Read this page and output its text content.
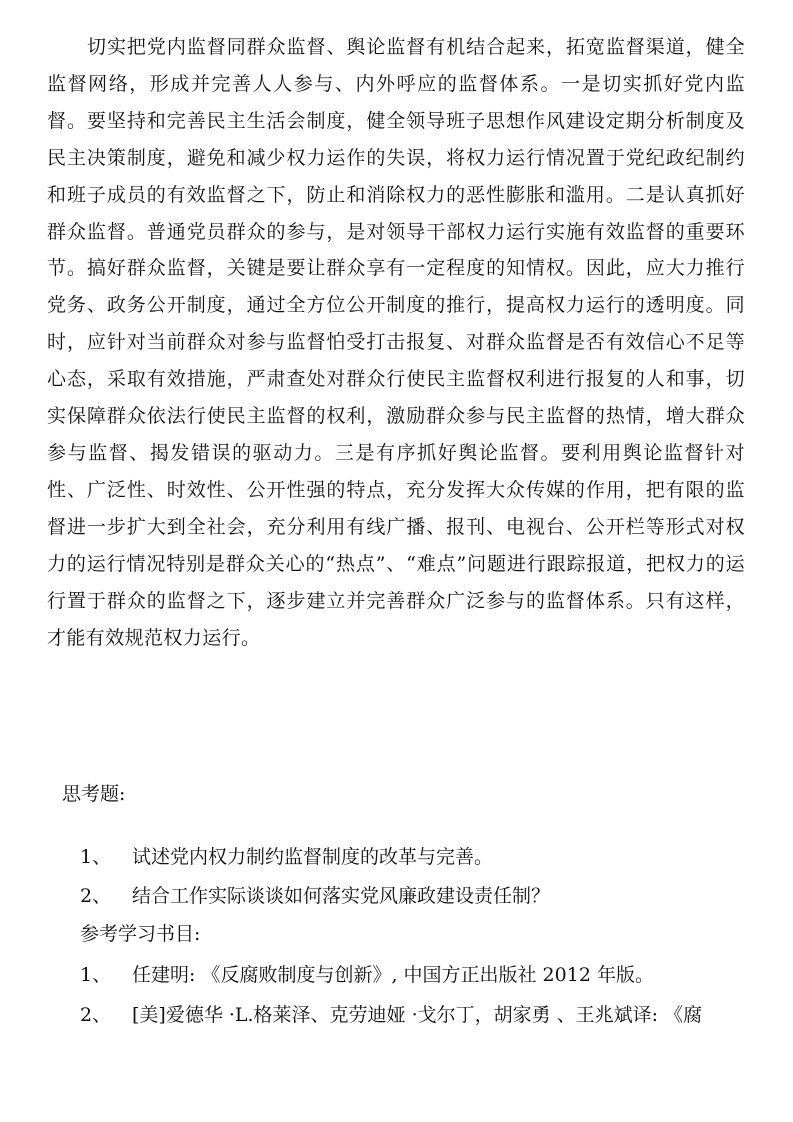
切实把党内监督同群众监督、舆论监督有机结合起来，拓宽监督渠道，健全监督网络，形成并完善人人参与、内外呼应的监督体系。一是切实抓好党内监督。要坚持和完善民主生活会制度，健全领导班子思想作风建设定期分析制度及民主决策制度，避免和减少权力运作的失误，将权力运行情况置于党纪政纪制约和班子成员的有效监督之下，防止和消除权力的恶性膨胀和滥用。二是认真抓好群众监督。普通党员群众的参与，是对领导干部权力运行实施有效监督的重要环节。搞好群众监督，关键是要让群众享有一定程度的知情权。因此，应大力推行党务、政务公开制度，通过全方位公开制度的推行，提高权力运行的透明度。同时，应针对当前群众对参与监督怕受打击报复、对群众监督是否有效信心不足等心态，采取有效措施，严肃查处对群众行使民主监督权利进行报复的人和事，切实保障群众依法行使民主监督的权利，激励群众参与民主监督的热情，增大群众参与监督、揭发错误的驱动力。三是有序抓好舆论监督。要利用舆论监督针对性、广泛性、时效性、公开性强的特点，充分发挥大众传媒的作用，把有限的监督进一步扩大到全社会，充分利用有线广播、报刊、电视台、公开栏等形式对权力的运行情况特别是群众关心的“热点”、“难点”问题进行跟踪报道，把权力的运行置于群众的监督之下，逐步建立并完善群众广泛参与的监督体系。只有这样，才能有效规范权力运行。

思考题:

1、 试述党内权力制约监督制度的改革与完善。

2、 结合工作实际谈谈如何落实党风廉政建设责任制？

参考学习书目:

1、 任建明: 《反腐败制度与创新》, 中国方正出版社 2012 年版。

2、 [美]爱德华 ·L.格莱泽、克劳迪娅 ·戈尔丁，胡家勇 、王兆斌译: 《腐
